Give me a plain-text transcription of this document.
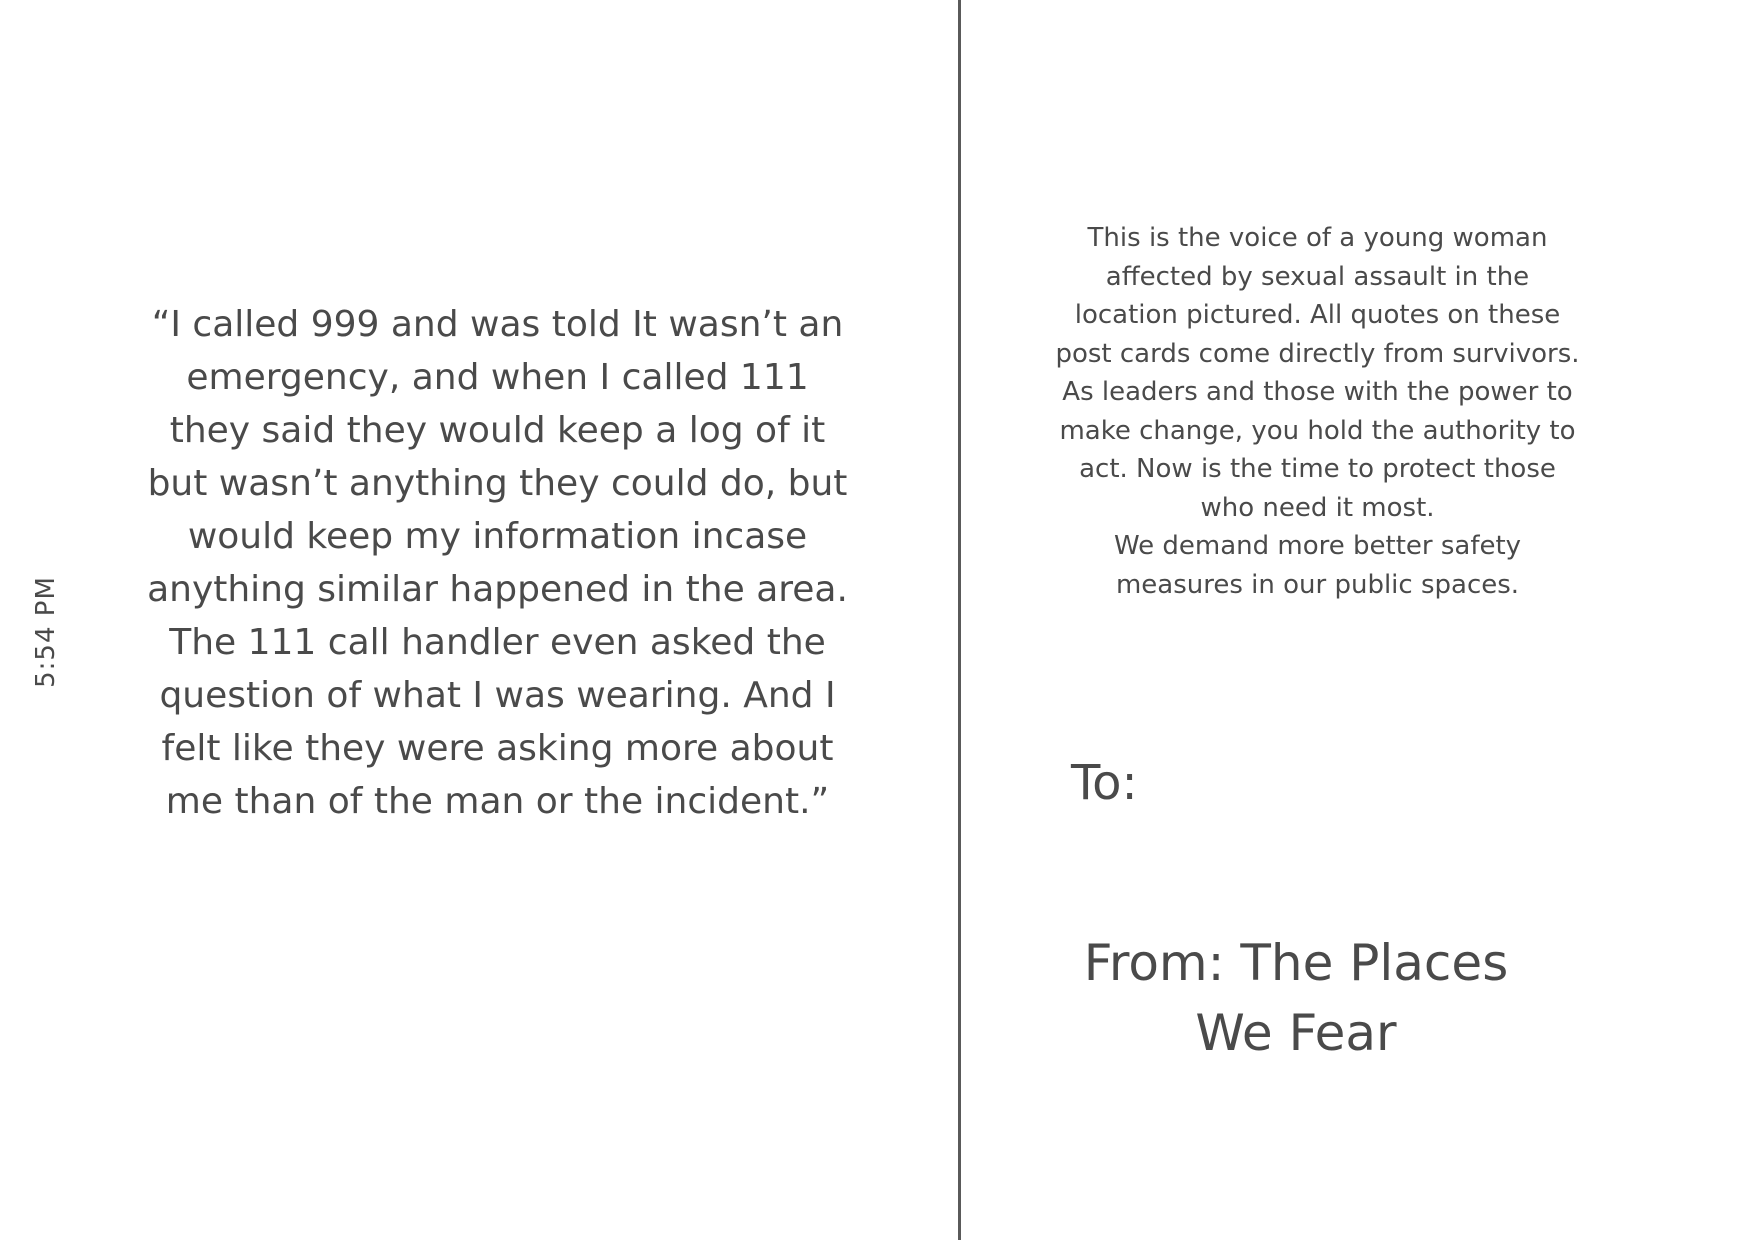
5:54 PM
“I called 999 and was told It wasn’t an emergency, and when I called 111 they said they would keep a log of it but wasn’t anything they could do, but would keep my information incase anything similar happened in the area. The 111 call handler even asked the question of what I was wearing. And I felt like they were asking more about me than of the man or the incident.”

This is the voice of a young woman affected by sexual assault in the location pictured. All quotes on these post cards come directly from survivors. As leaders and those with the power to make change, you hold the authority to act. Now is the time to protect those who need it most.

We demand more better safety measures in our public spaces.

To:
From: The Places We Fear
